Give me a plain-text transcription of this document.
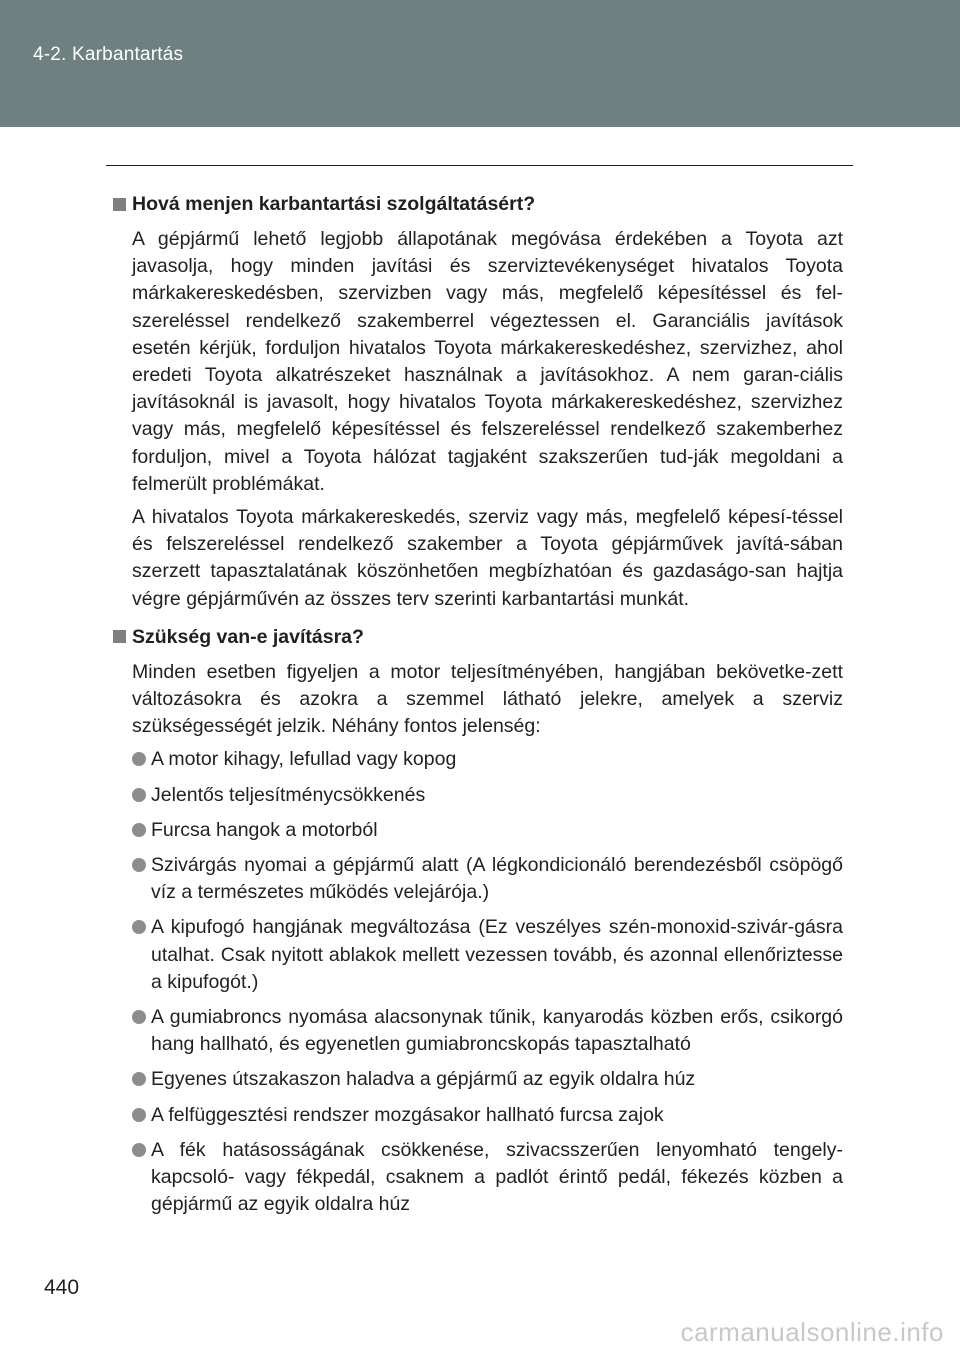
4-2. Karbantartás
Hová menjen karbantartási szolgáltatásért?

A gépjármű lehető legjobb állapotának megóvása érdekében a Toyota azt javasolja, hogy minden javítási és szerviztevékenységet hivatalos Toyota márkakereskedésben, szervizben vagy más, megfelelő képesítéssel és fel-szereléssel rendelkező szakemberrel végeztessen el. Garanciális javítások esetén kérjük, forduljon hivatalos Toyota márkakereskedéshez, szervizhez, ahol eredeti Toyota alkatrészeket használnak a javításokhoz. A nem garan-ciális javításoknál is javasolt, hogy hivatalos Toyota márkakereskedéshez, szervizhez vagy más, megfelelő képesítéssel és felszereléssel rendelkező szakemberhez forduljon, mivel a Toyota hálózat tagjaként szakszerűen tud-ják megoldani a felmerült problémákat.

A hivatalos Toyota márkakereskedés, szerviz vagy más, megfelelő képesí-téssel és felszereléssel rendelkező szakember a Toyota gépjárművek javítá-sában szerzett tapasztalatának köszönhetően megbízhatóan és gazdaságo-san hajtja végre gépjárművén az összes terv szerinti karbantartási munkát.

Szükség van-e javításra?

Minden esetben figyeljen a motor teljesítményében, hangjában bekövetke-zett változásokra és azokra a szemmel látható jelekre, amelyek a szerviz szükségességét jelzik. Néhány fontos jelenség:

A motor kihagy, lefullad vagy kopog
Jelentős teljesítménycsökkenés
Furcsa hangok a motorból
Szivárgás nyomai a gépjármű alatt (A légkondicionáló berendezésből csöpögő víz a természetes működés velejárója.)
A kipufogó hangjának megváltozása (Ez veszélyes szén-monoxid-szivár-gásra utalhat. Csak nyitott ablakok mellett vezessen tovább, és azonnal ellenőriztesse a kipufogót.)
A gumiabroncs nyomása alacsonynak tűnik, kanyarodás közben erős, csikorgó hang hallható, és egyenetlen gumiabroncskopás tapasztalható
Egyenes útszakaszon haladva a gépjármű az egyik oldalra húz
A felfüggesztési rendszer mozgásakor hallható furcsa zajok
A fék hatásosságának csökkenése, szivacsszerűen lenyomható tengely-kapcsoló- vagy fékpedál, csaknem a padlót érintő pedál, fékezés közben a gépjármű az egyik oldalra húz
440
carmanualsonline.info
